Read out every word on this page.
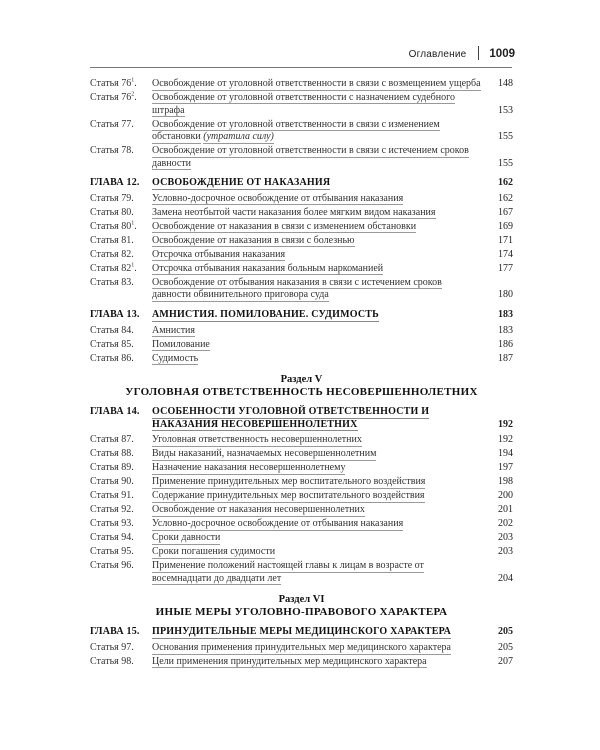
Оглавление 1009
Статья $76^1$.	Освобождение от уголовной ответственности в связи с возмещением ущерба	148
Статья $76^2$.	Освобождение от уголовной ответственности с назначением судебного штрафа	153
Статья 77.	Освобождение от уголовной ответственности в связи с изменением обстановки (утратила силу)	155
Статья 78.	Освобождение от уголовной ответственности в связи с истечением сроков давности	155
ГЛАВА 12.	ОСВОБОЖДЕНИЕ ОТ НАКАЗАНИЯ	162
Статья 79.	Условно-досрочное освобождение от отбывания наказания	162
Статья 80.	Замена неотбытой части наказания более мягким видом наказания	167
Статья $80^1$.	Освобождение от наказания в связи с изменением обстановки	169
Статья 81.	Освобождение от наказания в связи с болезнью	171
Статья 82.	Отсрочка отбывания наказания	174
Статья $82^1$.	Отсрочка отбывания наказания больным наркоманией	177
Статья 83.	Освобождение от отбывания наказания в связи с истечением сроков давности обвинительного приговора суда	180
ГЛАВА 13.	АМНИСТИЯ. ПОМИЛОВАНИЕ. СУДИМОСТЬ	183
Статья 84.	Амнистия	183
Статья 85.	Помилование	186
Статья 86.	Судимость	187
Раздел V
УГОЛОВНАЯ ОТВЕТСТВЕННОСТЬ НЕСОВЕРШЕННОЛЕТНИХ
ГЛАВА 14.	ОСОБЕННОСТИ УГОЛОВНОЙ ОТВЕТСТВЕННОСТИ И НАКАЗАНИЯ НЕСОВЕРШЕННОЛЕТНИХ	192
Статья 87.	Уголовная ответственность несовершеннолетних	192
Статья 88.	Виды наказаний, назначаемых несовершеннолетним	194
Статья 89.	Назначение наказания несовершеннолетнему	197
Статья 90.	Применение принудительных мер воспитательного воздействия	198
Статья 91.	Содержание принудительных мер воспитательного воздействия	200
Статья 92.	Освобождение от наказания несовершеннолетних	201
Статья 93.	Условно-досрочное освобождение от отбывания наказания	202
Статья 94.	Сроки давности	203
Статья 95.	Сроки погашения судимости	203
Статья 96.	Применение положений настоящей главы к лицам в возрасте от восемнадцати до двадцати лет	204
Раздел VI
ИНЫЕ МЕРЫ УГОЛОВНО-ПРАВОВОГО ХАРАКТЕРА
ГЛАВА 15.	ПРИНУДИТЕЛЬНЫЕ МЕРЫ МЕДИЦИНСКОГО ХАРАКТЕРА	205
Статья 97.	Основания применения принудительных мер медицинского характера	205
Статья 98.	Цели применения принудительных мер медицинского характера	207
